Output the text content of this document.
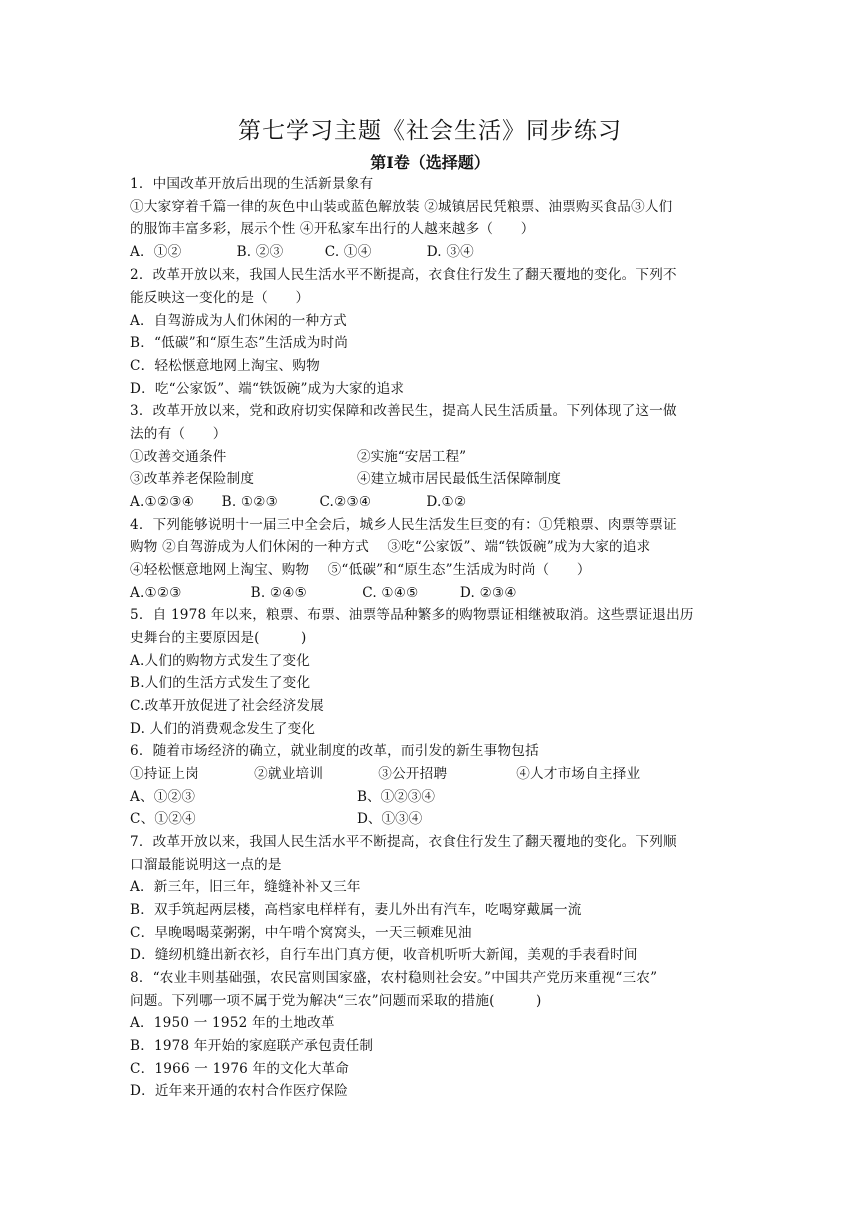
第七学习主题《社会生活》同步练习
第Ⅰ卷（选择题）
1．中国改革开放后出现的生活新景象有
①大家穿着千篇一律的灰色中山装或蓝色解放装 ②城镇居民凭粮票、油票购买食品③人们
的服饰丰富多彩，展示个性 ④开私家车出行的人越来越多（　　）
A．①②　　　　B. ②③　　　C. ①④　　　　D. ③④
2．改革开放以来，我国人民生活水平不断提高，衣食住行发生了翻天覆地的变化。下列不
能反映这一变化的是（　　）
A．自驾游成为人们休闲的一种方式
B．“低碳”和“原生态”生活成为时尚
C．轻松惬意地网上淘宝、购物
D．吃“公家饭”、端“铁饭碗”成为大家的追求
3．改革开放以来，党和政府切实保障和改善民生，提高人民生活质量。下列体现了这一做
法的有（　　）
①改善交通条件	②实施“安居工程”
③改革养老保险制度	④建立城市居民最低生活保障制度
A.①②③④　　B. ①②③　　　C.②③④　　　　D.①②
4．下列能够说明十一届三中全会后，城乡人民生活发生巨变的有：①凭粮票、肉票等票证
购物 ②自驾游成为人们休闲的一种方式　 ③吃“公家饭”、端“铁饭碗”成为大家的追求
④轻松惬意地网上淘宝、购物　 ⑤“低碳”和“原生态”生活成为时尚（　　）
A.①②③　　　　　B. ②④⑤　　　　C. ①④⑤　　　D. ②③④
5．自 1978 年以来，粮票、布票、油票等品种繁多的购物票证相继被取消。这些票证退出历
史舞台的主要原因是(　　　)
A.人们的购物方式发生了变化
B.人们的生活方式发生了变化
C.改革开放促进了社会经济发展
D. 人们的消费观念发生了变化
6．随着市场经济的确立，就业制度的改革，而引发的新生事物包括
①持证上岗　　　　②就业培训　　　　③公开招聘　　　　　④人才市场自主择业
A、①②③	B、①②③④
C、①②④	D、①③④
7．改革开放以来，我国人民生活水平不断提高，衣食住行发生了翻天覆地的变化。下列顺
口溜最能说明这一点的是
A．新三年，旧三年，缝缝补补又三年
B．双手筑起两层楼，高档家电样样有，妻儿外出有汽车，吃喝穿戴属一流
C．早晚喝喝菜粥粥，中午啃个窝窝头，一天三顿难见油
D．缝纫机缝出新衣衫，自行车出门真方便，收音机听听大新闻，美观的手表看时间
8．“农业丰则基础强，农民富则国家盛，农村稳则社会安。”中国共产党历来重视“三农”
问题。下列哪一项不属于党为解决“三农”问题而采取的措施(　　　)
A．1950 一 1952 年的土地改革
B．1978 年开始的家庭联产承包责任制
C．1966 一 1976 年的文化大革命
D．近年来开通的农村合作医疗保险
